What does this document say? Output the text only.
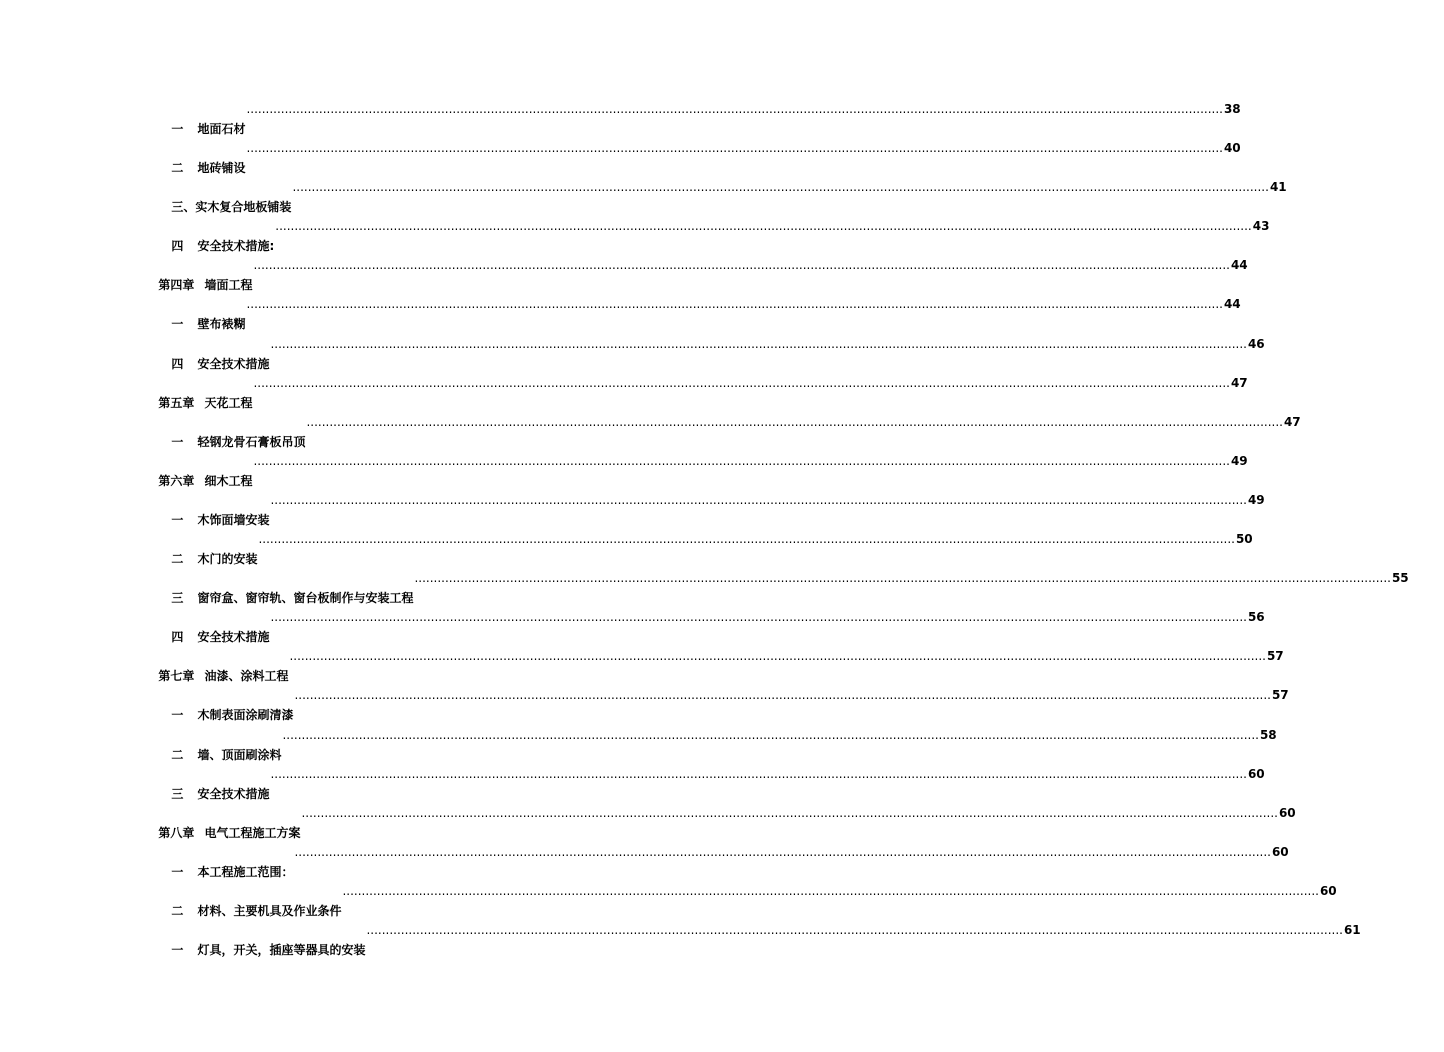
一 地面石材

.....
38

二 地砖铺设

.....
40

三、实木复合地板铺装

.....
41

四 安全技术措施:

.....
43

第四章 墙面工程

.....
44

一 壁布裱糊

.....
44

四 安全技术措施

.....
46

第五章 天花工程

.....
47

一 轻钢龙骨石膏板吊顶

.....
47

第六章 细木工程

.....
49

一 木饰面墙安装

.....
49

二 木门的安装

.....
50

三 窗帘盒、窗帘轨、窗台板制作与安装工程

.....
55

四 安全技术措施

.....
56

第七章 油漆、涂料工程

.....
57

一 木制表面涂刷清漆

.....
57

二 墙、顶面刷涂料

.....
58

三 安全技术措施

.....
60

第八章 电气工程施工方案

.....
60

一 本工程施工范围：

.....
60

二 材料、主要机具及作业条件

.....
60

一 灯具，开关，插座等器具的安装

.....
61
